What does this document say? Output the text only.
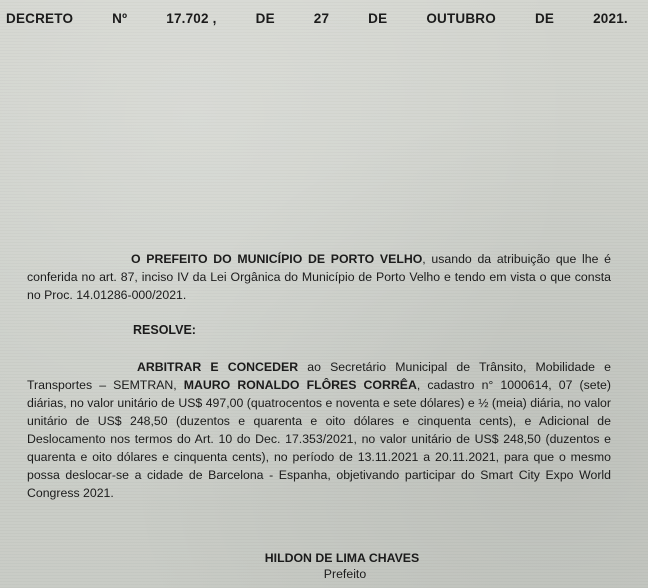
DECRETO	Nº	17.702 ,	DE	27	DE	OUTUBRO	DE	2021.

O PREFEITO DO MUNICÍPIO DE PORTO VELHO, usando da atribuição que lhe é conferida no art. 87, inciso IV da Lei Orgânica do Município de Porto Velho e tendo em vista o que consta no Proc. 14.01286-000/2021.

RESOLVE:

ARBITRAR E CONCEDER ao Secretário Municipal de Trânsito, Mobilidade e Transportes – SEMTRAN, MAURO RONALDO FLÔRES CORRÊA, cadastro n° 1000614, 07 (sete) diárias, no valor unitário de US$ 497,00 (quatrocentos e noventa e sete dólares) e ½ (meia) diária, no valor unitário de US$ 248,50 (duzentos e quarenta e oito dólares e cinquenta cents), e Adicional de Deslocamento nos termos do Art. 10 do Dec. 17.353/2021, no valor unitário de US$ 248,50 (duzentos e quarenta e oito dólares e cinquenta cents), no período de 13.11.2021 a 20.11.2021, para que o mesmo possa deslocar-se a cidade de Barcelona - Espanha, objetivando participar do Smart City Expo World Congress 2021.

HILDON DE LIMA CHAVES
Prefeito
